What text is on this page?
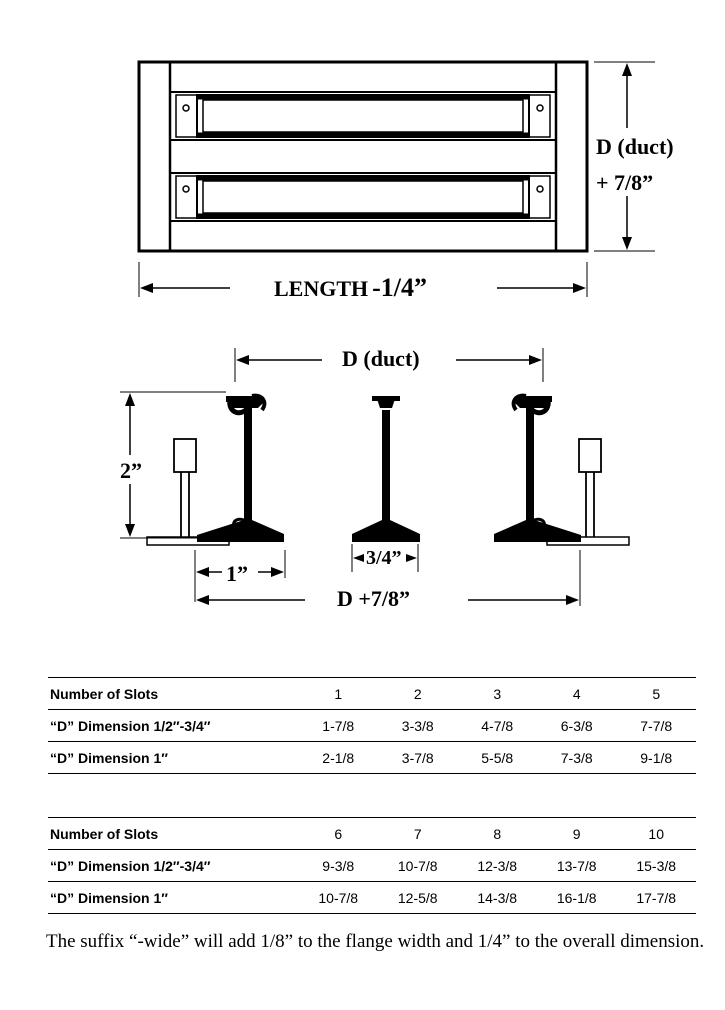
D (duct)
+ 7/8”
LENGTH -1/4”
D (duct)
2”
1”
3/4”
D +7/8”
Number of Slots	1	2	3	4	5
“D” Dimension 1/2″-3/4″	1-7/8	3-3/8	4-7/8	6-3/8	7-7/8
“D” Dimension 1″	2-1/8	3-7/8	5-5/8	7-3/8	9-1/8
Number of Slots	6	7	8	9	10
“D” Dimension 1/2″-3/4″	9-3/8	10-7/8	12-3/8	13-7/8	15-3/8
“D” Dimension 1″	10-7/8	12-5/8	14-3/8	16-1/8	17-7/8
The suffix “-wide” will add 1/8” to the flange width and 1/4” to the overall dimension.
